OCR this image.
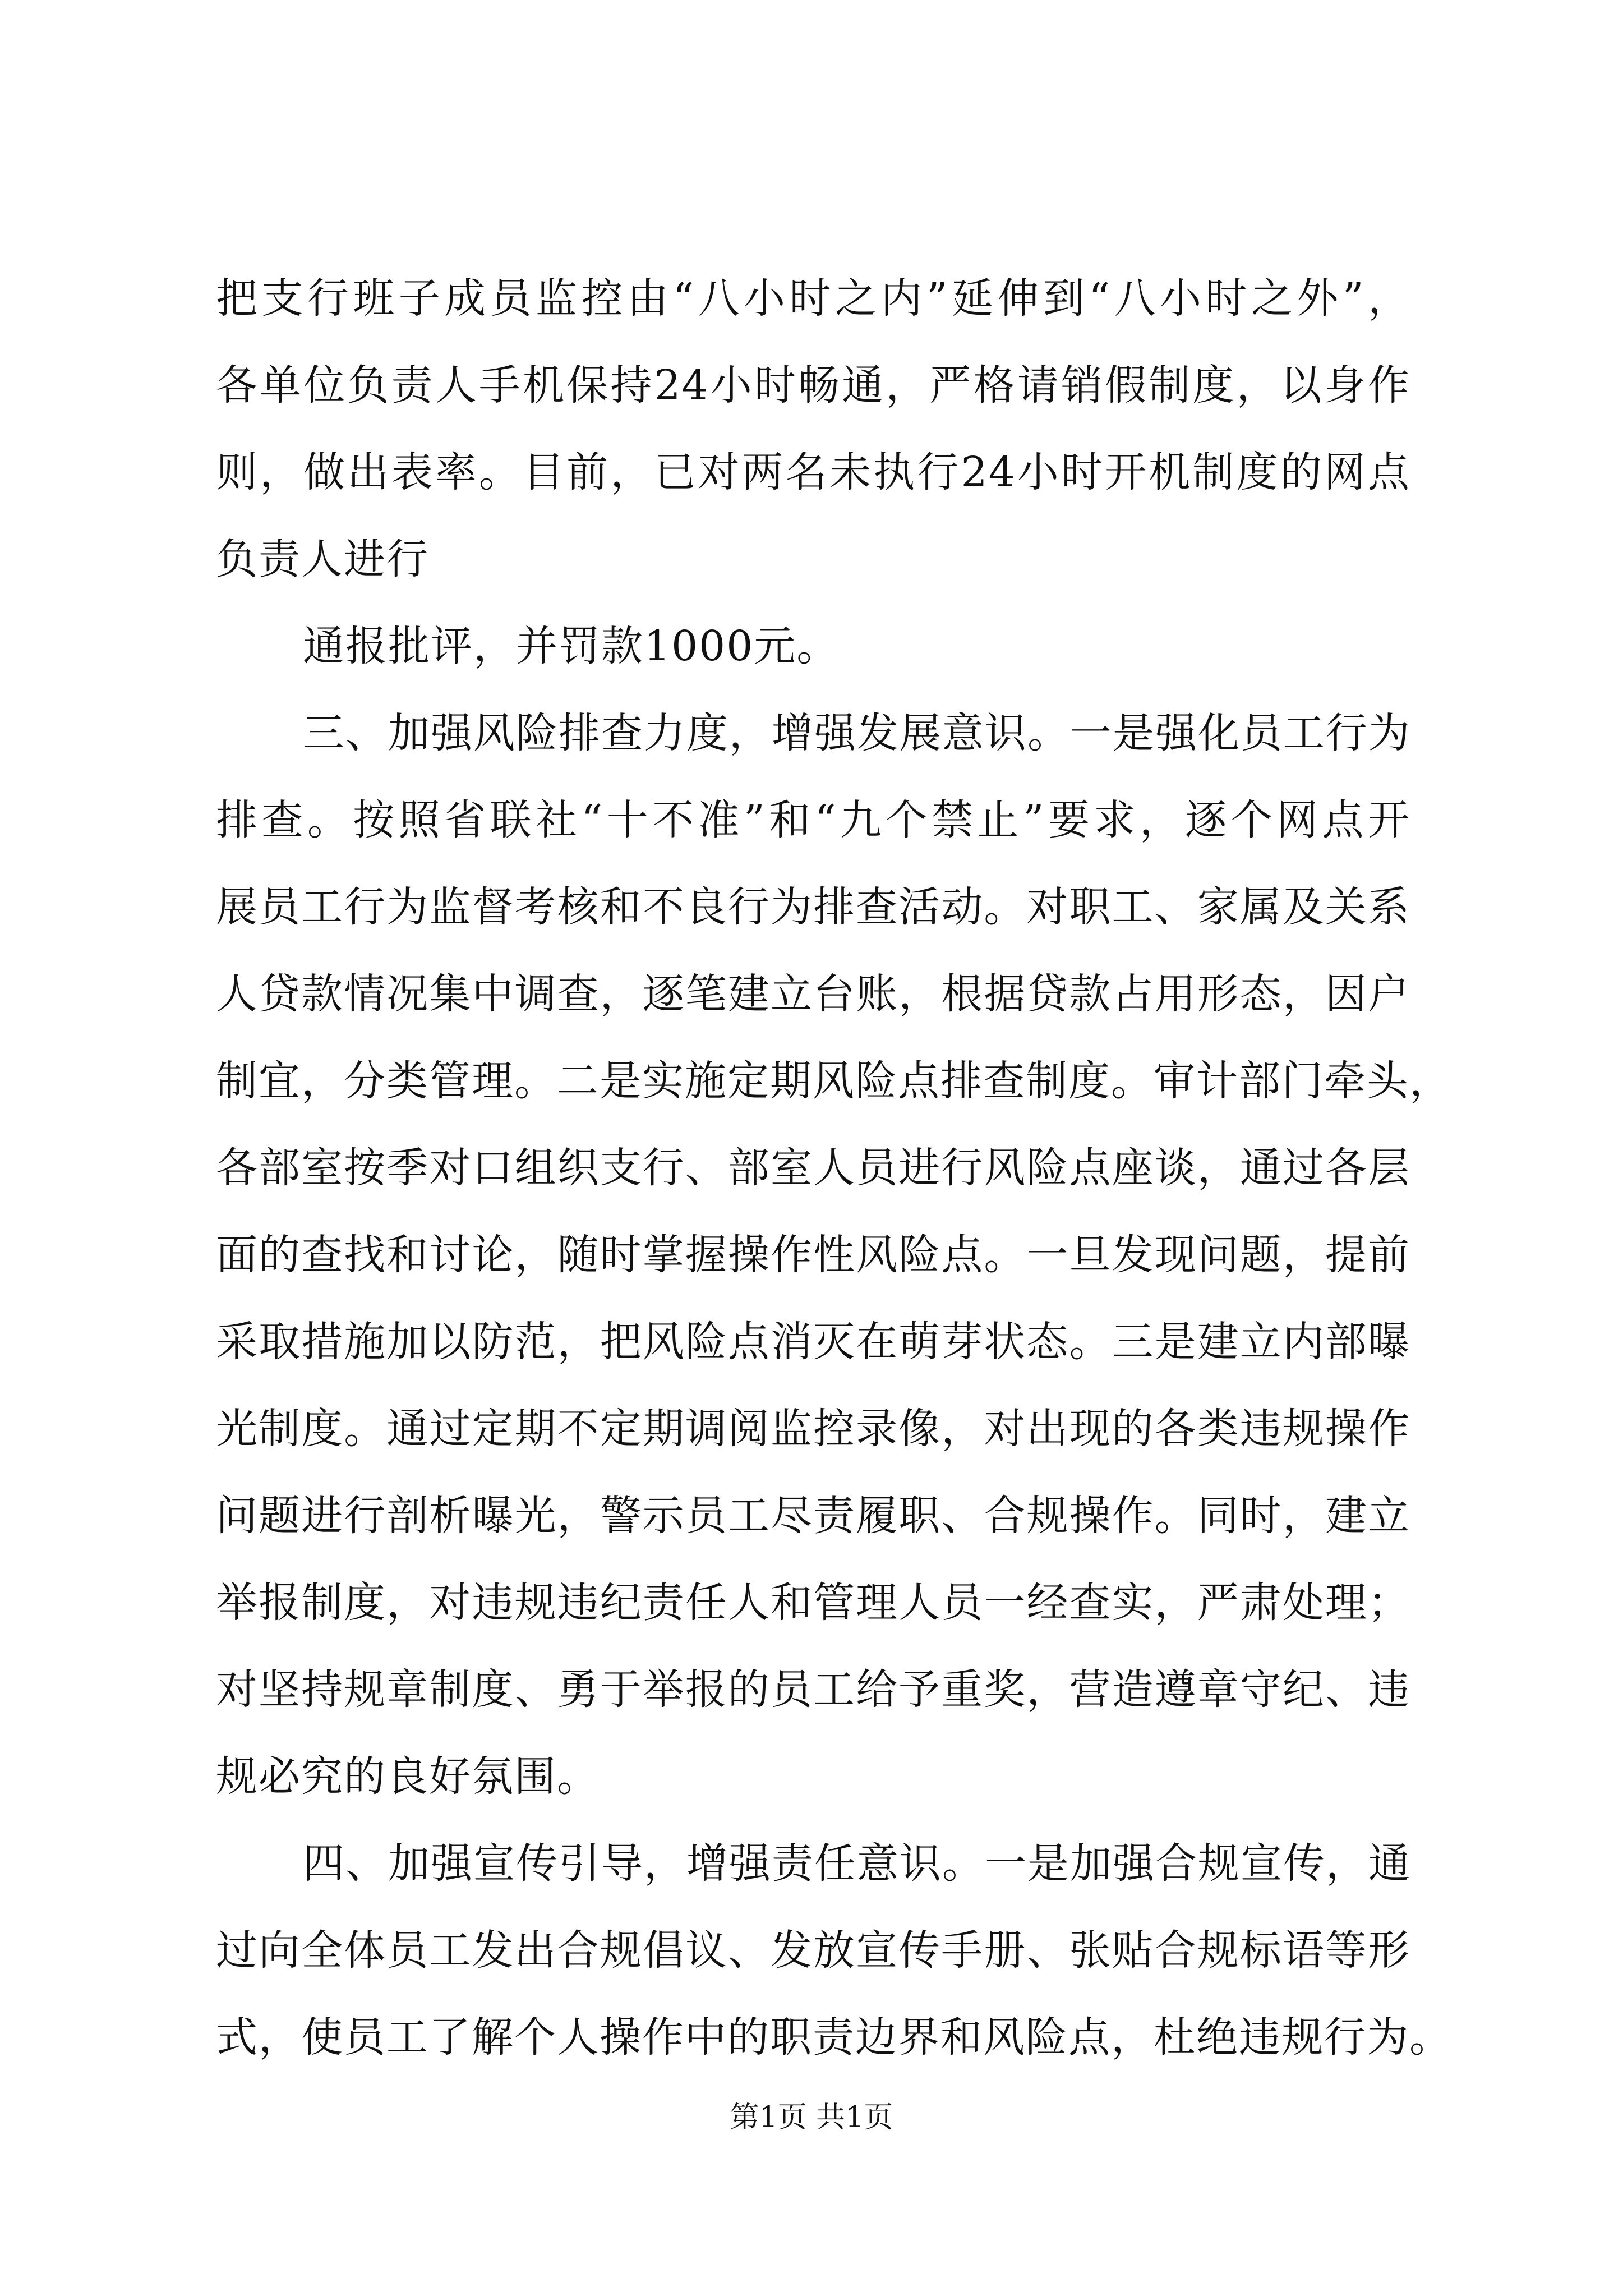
把支行班子成员监控由“八小时之内”延伸到“八小时之外”，
各单位负责人手机保持24小时畅通，严格请销假制度，以身作
则，做出表率。目前，已对两名未执行24小时开机制度的网点
负责人进行
通报批评，并罚款1000元。
三、加强风险排查力度，增强发展意识。一是强化员工行为
排查。按照省联社“十不准”和“九个禁止”要求，逐个网点开
展员工行为监督考核和不良行为排查活动。对职工、家属及关系
人贷款情况集中调查，逐笔建立台账，根据贷款占用形态，因户
制宜，分类管理。二是实施定期风险点排查制度。审计部门牵头，
各部室按季对口组织支行、部室人员进行风险点座谈，通过各层
面的查找和讨论，随时掌握操作性风险点。一旦发现问题，提前
采取措施加以防范，把风险点消灭在萌芽状态。三是建立内部曝
光制度。通过定期不定期调阅监控录像，对出现的各类违规操作
问题进行剖析曝光，警示员工尽责履职、合规操作。同时，建立
举报制度，对违规违纪责任人和管理人员一经查实，严肃处理；
对坚持规章制度、勇于举报的员工给予重奖，营造遵章守纪、违
规必究的良好氛围。
四、加强宣传引导，增强责任意识。一是加强合规宣传，通
过向全体员工发出合规倡议、发放宣传手册、张贴合规标语等形
式，使员工了解个人操作中的职责边界和风险点，杜绝违规行为。
第1页 共1页
